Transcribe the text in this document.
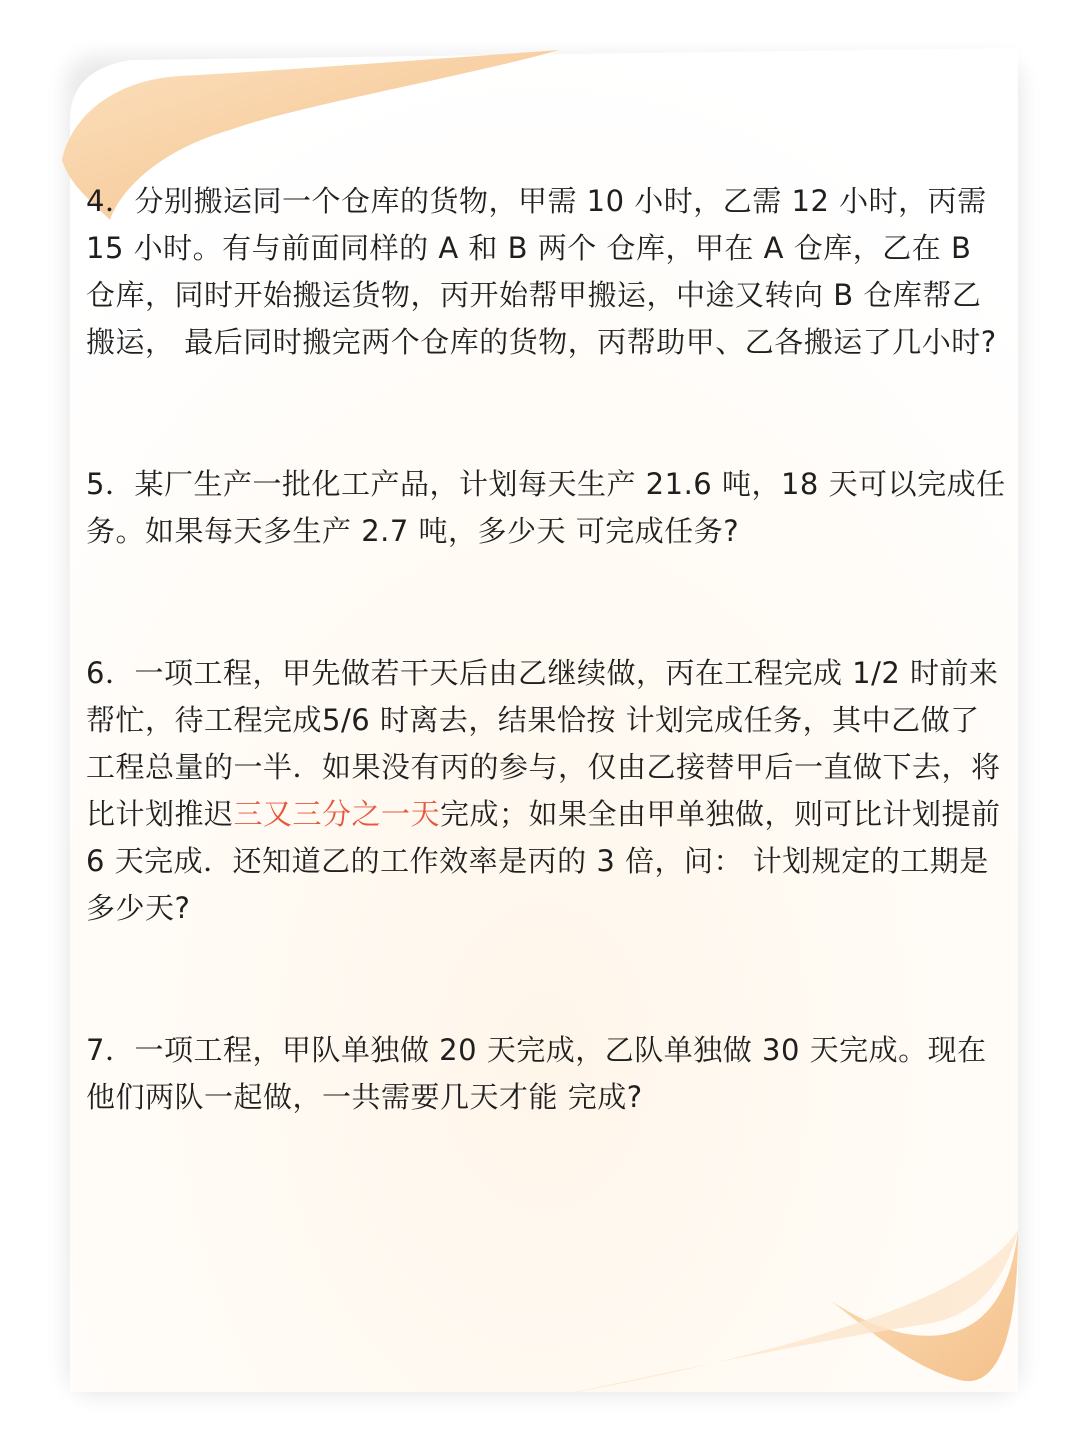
4．分别搬运同一个仓库的货物，甲需 10 小时，乙需 12 小时，丙需 15 小时。有与前面同样的 A 和 B 两个 仓库，甲在 A 仓库，乙在 B 仓库，同时开始搬运货物，丙开始帮甲搬运，中途又转向 B 仓库帮乙搬运， 最后同时搬完两个仓库的货物，丙帮助甲、乙各搬运了几小时?

5．某厂生产一批化工产品，计划每天生产 21.6 吨，18 天可以完成任务。如果每天多生产 2.7 吨，多少天 可完成任务?

6．一项工程，甲先做若干天后由乙继续做，丙在工程完成 1/2 时前来帮忙，待工程完成5/6 时离去，结果恰按 计划完成任务，其中乙做了工程总量的一半．如果没有丙的参与，仅由乙接替甲后一直做下去，将比计划推迟三又三分之一天完成；如果全由甲单独做，则可比计划提前 6 天完成．还知道乙的工作效率是丙的 3 倍，问： 计划规定的工期是多少天?

7．一项工程，甲队单独做 20 天完成，乙队单独做 30 天完成。现在他们两队一起做，一共需要几天才能 完成?
